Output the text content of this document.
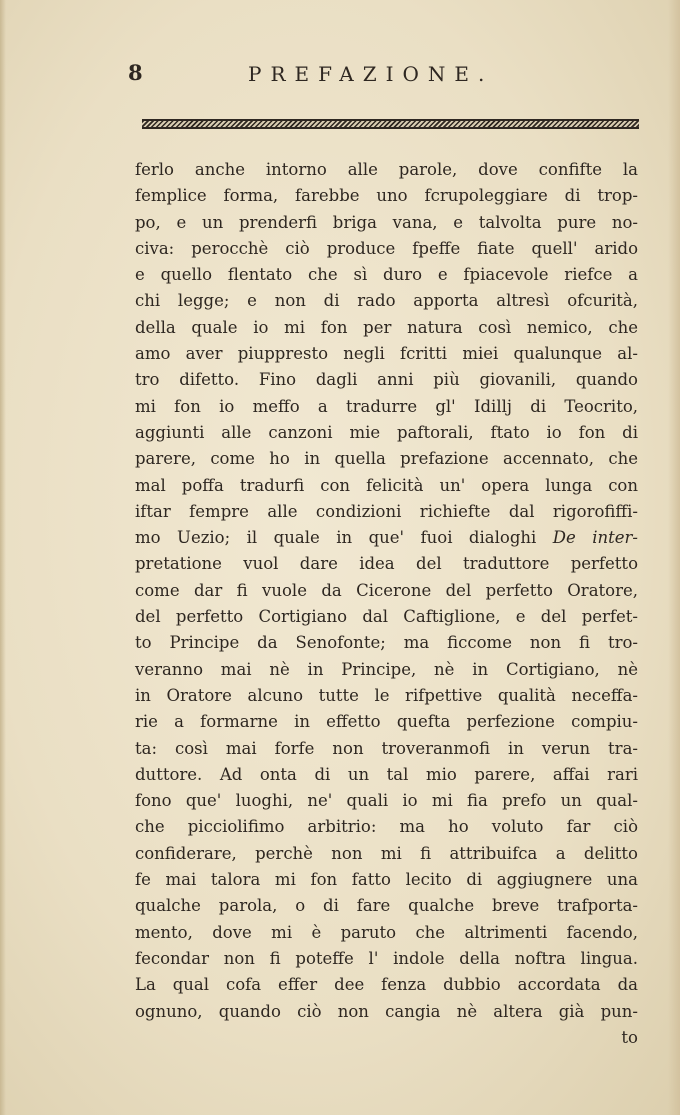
8	PREFAZIONE.
ferlo anche intorno alle parole, dove confifte la
femplice forma, farebbe uno fcrupoleggiare di trop-
po, e un prenderfi briga vana, e talvolta pure no-
civa: perocchè ciò produce fpeffe fiate quell' arido
e quello flentato che sì duro e fpiacevole riefce a
chi legge; e non di rado apporta altresì ofcurità,
della quale io mi fon per natura così nemico, che
amo aver piuppresto negli fcritti miei qualunque al-
tro difetto. Fino dagli anni più giovanili, quando
mi fon io meffo a tradurre gl' Idillj di Teocrito,
aggiunti alle canzoni mie paftorali, ftato io fon di
parere, come ho in quella prefazione accennato, che
mal poffa tradurfi con felicità un' opera lunga con
iftar fempre alle condizioni richiefte dal rigorofiffi-
mo Uezio; il quale in que' fuoi dialoghi De inter-
pretatione vuol dare idea del traduttore perfetto
come dar fi vuole da Cicerone del perfetto Oratore,
del perfetto Cortigiano dal Caftiglione, e del perfet-
to Principe da Senofonte; ma ficcome non fi tro-
veranno mai nè in Principe, nè in Cortigiano, nè
in Oratore alcuno tutte le rifpettive qualità neceffa-
rie a formarne in effetto quefta perfezione compiu-
ta: così mai forfe non troveranmofi in verun tra-
duttore. Ad onta di un tal mio parere, affai rari
fono que' luoghi, ne' quali io mi fia prefo un qual-
che picciolifimo arbitrio: ma ho voluto far ciò
confiderare, perchè non mi fi attribuifca a delitto
fe mai talora mi fon fatto lecito di aggiugnere una
qualche parola, o di fare qualche breve trafporta-
mento, dove mi è paruto che altrimenti facendo,
fecondar non fi poteffe l' indole della noftra lingua.
La qual cofa effer dee fenza dubbio accordata da
ognuno, quando ciò non cangia nè altera già pun-
to
